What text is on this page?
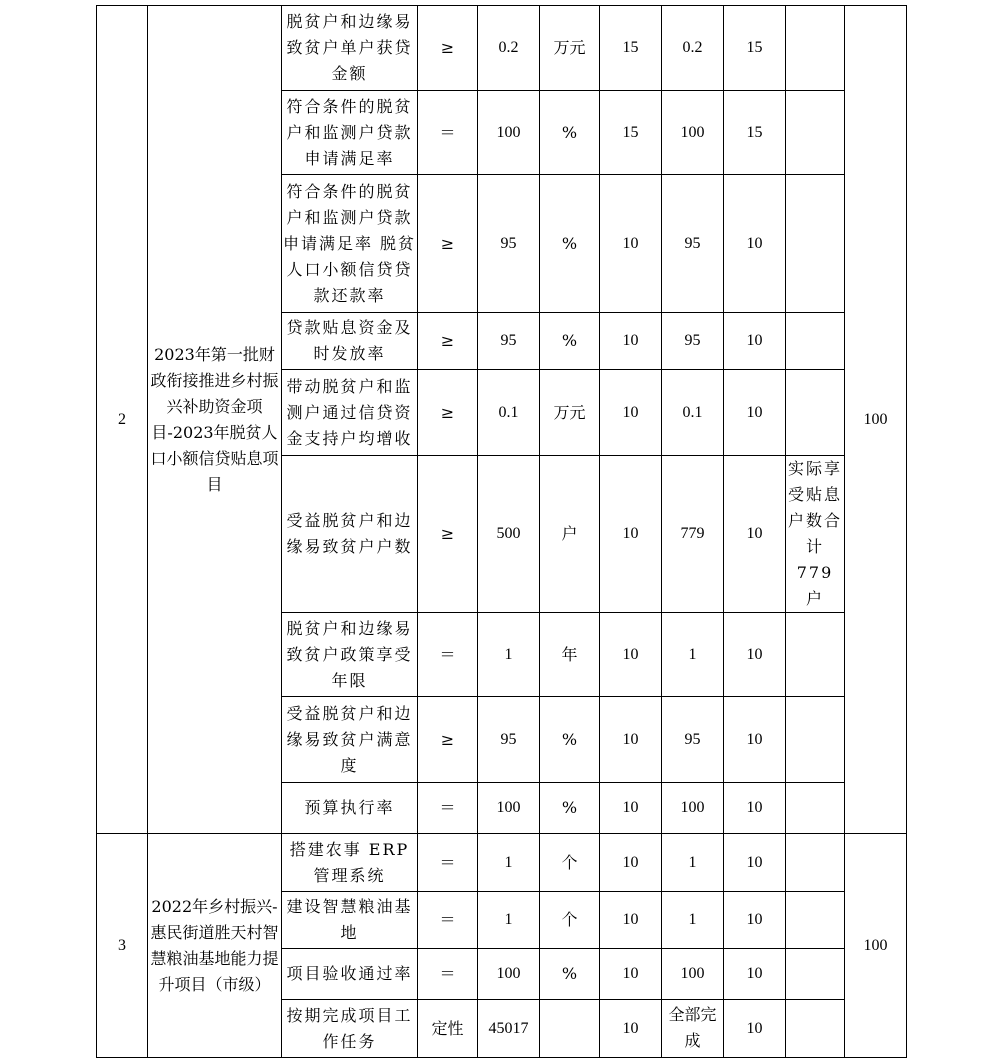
2	2023年第一批财政衔接推进乡村振兴补助资金项目-2023年脱贫人口小额信贷贴息项目	脱贫户和边缘易致贫户单户获贷金额	≥	0.2	万元	15	0.2	15		100
		符合条件的脱贫户和监测户贷款申请满足率	＝	100	%	15	100	15		
		符合条件的脱贫户和监测户贷款申请满足率 脱贫人口小额信贷贷款还款率	≥	95	%	10	95	10		
		贷款贴息资金及时发放率	≥	95	%	10	95	10		
		带动脱贫户和监测户通过信贷资金支持户均增收	≥	0.1	万元	10	0.1	10		
		受益脱贫户和边缘易致贫户户数	≥	500	户	10	779	10	实际享受贴息户数合计 779 户	
		脱贫户和边缘易致贫户政策享受年限	＝	1	年	10	1	10		
		受益脱贫户和边缘易致贫户满意度	≥	95	%	10	95	10		
		预算执行率	＝	100	%	10	100	10		
3	2022年乡村振兴-惠民街道胜天村智慧粮油基地能力提升项目（市级）	搭建农事 ERP 管理系统	＝	1	个	10	1	10		100
		建设智慧粮油基地	＝	1	个	10	1	10		
		项目验收通过率	＝	100	%	10	100	10		
		按期完成项目工作任务	定性	45017		10	全部完成	10		
